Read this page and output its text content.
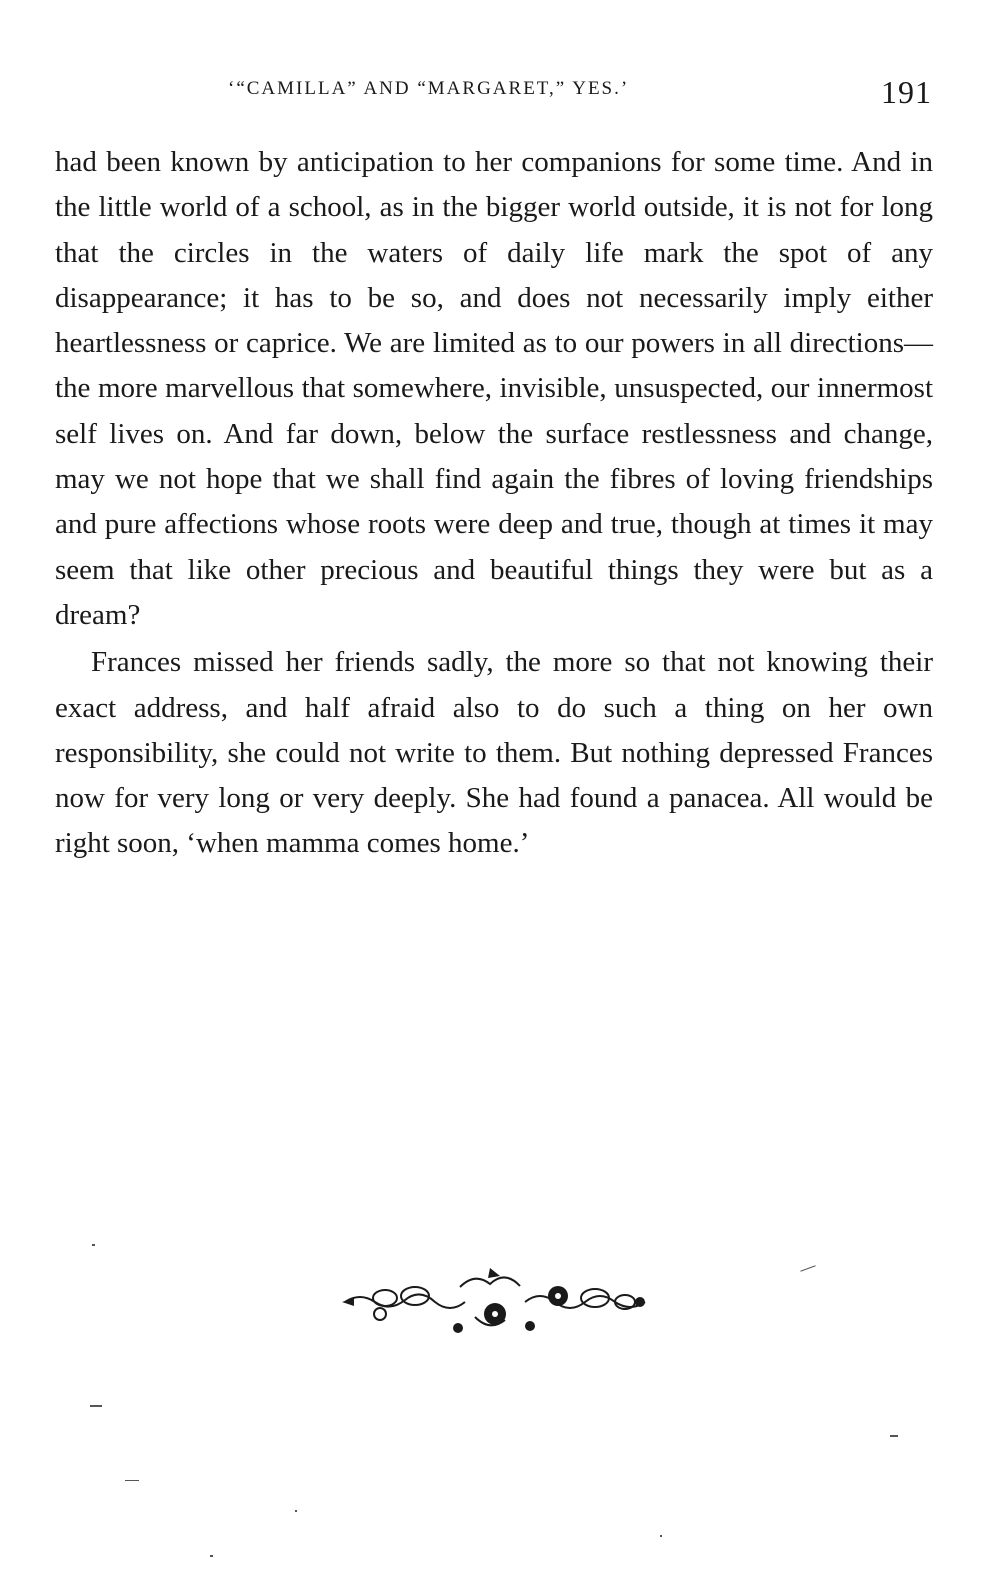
‘“CAMILLA” AND “MARGARET,” YES.’	191

had been known by anticipation to her companions for some time. And in the little world of a school, as in the bigger world outside, it is not for long that the circles in the waters of daily life mark the spot of any disappearance; it has to be so, and does not necessarily imply either heartlessness or caprice. We are limited as to our powers in all directions—the more marvellous that somewhere, invisible, unsuspected, our innermost self lives on. And far down, below the surface restlessness and change, may we not hope that we shall find again the fibres of loving friendships and pure affections whose roots were deep and true, though at times it may seem that like other precious and beautiful things they were but as a dream?

Frances missed her friends sadly, the more so that not knowing their exact address, and half afraid also to do such a thing on her own responsibility, she could not write to them. But nothing depressed Frances now for very long or very deeply. She had found a panacea. All would be right soon, ‘when mamma comes home.’
